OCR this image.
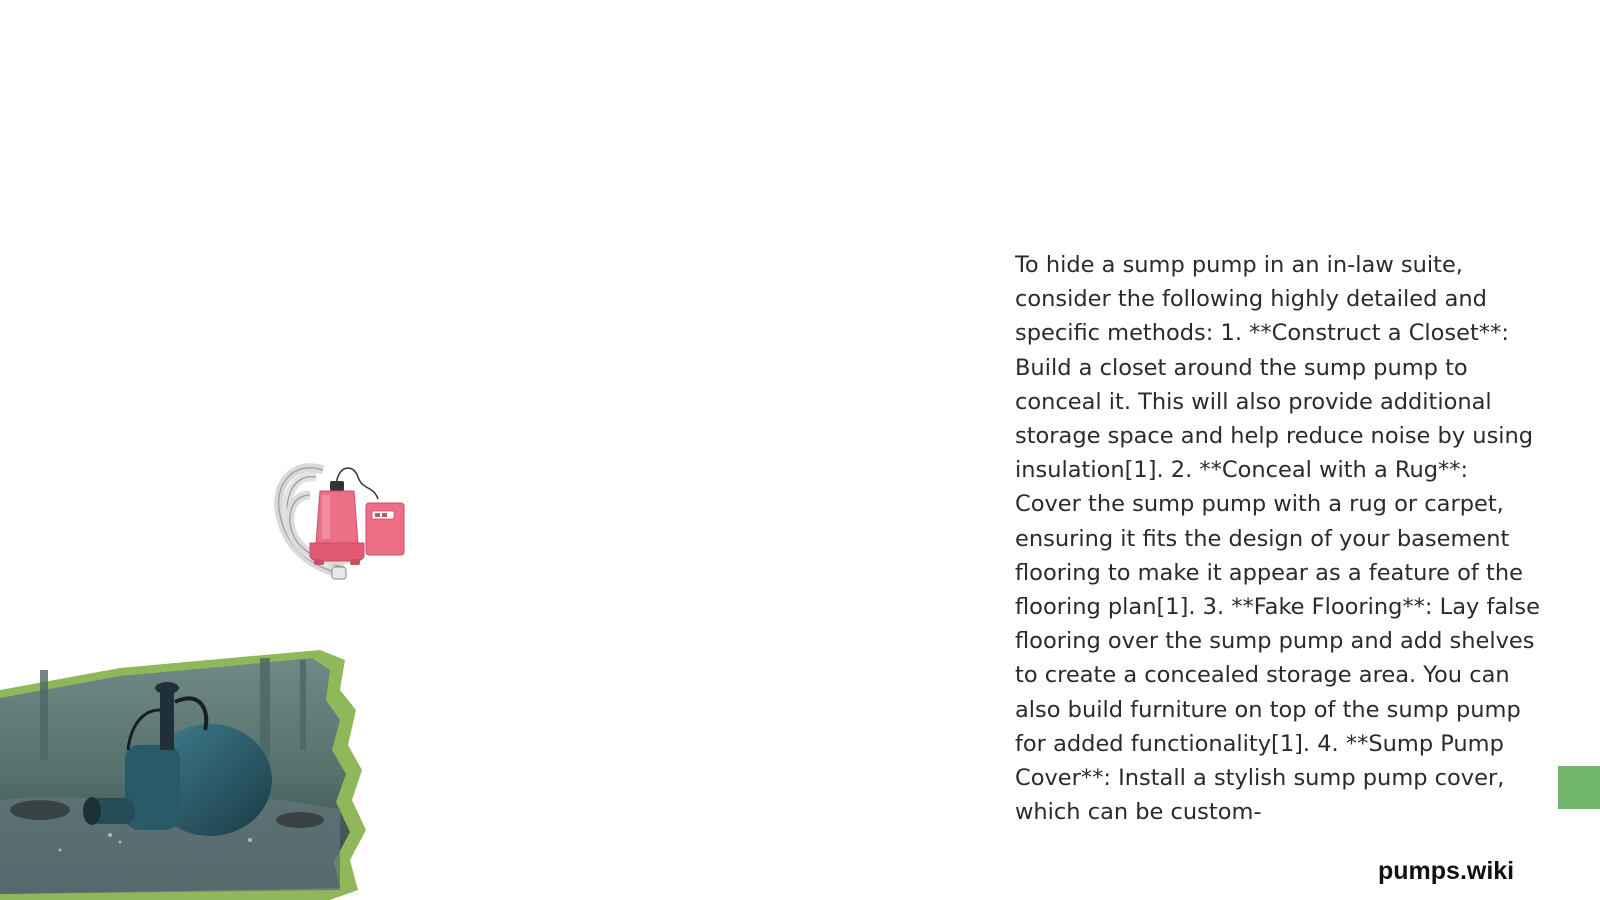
To hide a sump pump in an in-law suite, consider the following highly detailed and specific methods: 1. **Construct a Closet**: Build a closet around the sump pump to conceal it. This will also provide additional storage space and help reduce noise by using insulation[1]. 2. **Conceal with a Rug**: Cover the sump pump with a rug or carpet, ensuring it fits the design of your basement flooring to make it appear as a feature of the flooring plan[1]. 3. **Fake Flooring**: Lay false flooring over the sump pump and add shelves to create a concealed storage area. You can also build furniture on top of the sump pump for added functionality[1]. 4. **Sump Pump Cover**: Install a stylish sump pump cover, which can be custom-

pumps.wiki
